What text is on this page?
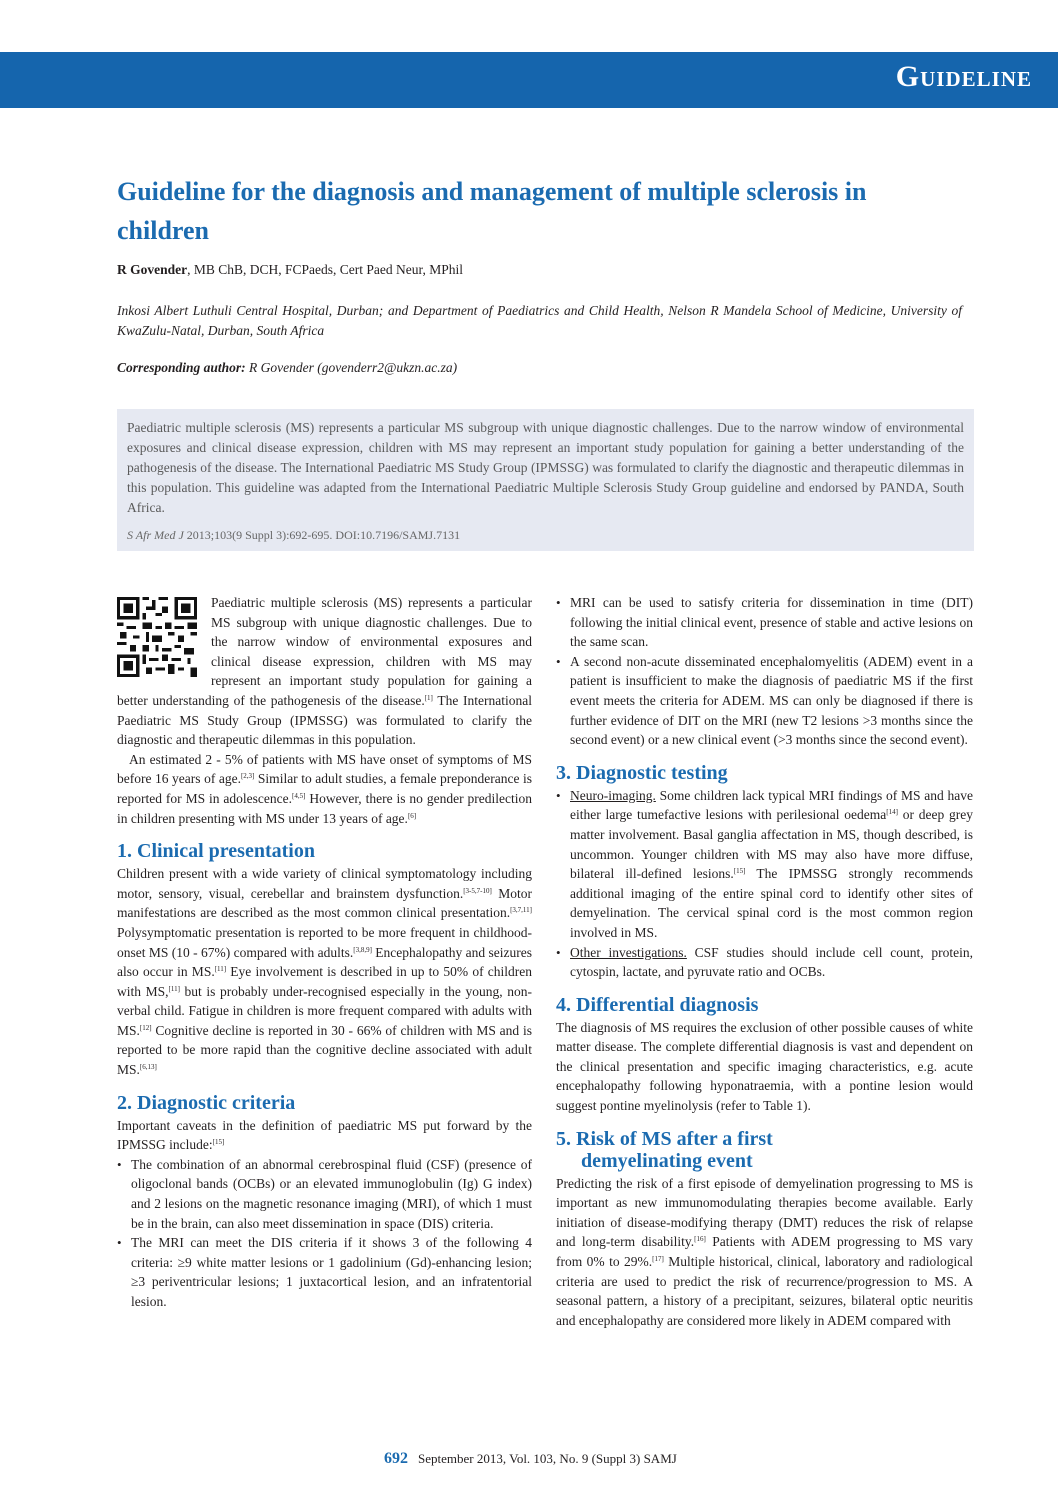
Guideline
Guideline for the diagnosis and management of multiple sclerosis in children
R Govender, MB ChB, DCH, FCPaeds, Cert Paed Neur, MPhil
Inkosi Albert Luthuli Central Hospital, Durban; and Department of Paediatrics and Child Health, Nelson R Mandela School of Medicine, University of KwaZulu-Natal, Durban, South Africa
Corresponding author: R Govender (govenderr2@ukzn.ac.za)

Paediatric multiple sclerosis (MS) represents a particular MS subgroup with unique diagnostic challenges. Due to the narrow window of environmental exposures and clinical disease expression, children with MS may represent an important study population for gaining a better understanding of the pathogenesis of the disease. The International Paediatric MS Study Group (IPMSSG) was formulated to clarify the diagnostic and therapeutic dilemmas in this population. This guideline was adapted from the International Paediatric Multiple Sclerosis Study Group guideline and endorsed by PANDA, South Africa.

S Afr Med J 2013;103(9 Suppl 3):692-695. DOI:10.7196/SAMJ.7131

Paediatric multiple sclerosis (MS) represents a particular MS subgroup with unique diagnostic challenges. Due to the narrow window of environmental exposures and clinical disease expression, children with MS may represent an important study population for gaining a better understanding of the pathogenesis of the disease.[1] The International Paediatric MS Study Group (IPMSSG) was formulated to clarify the diagnostic and therapeutic dilemmas in this population.

An estimated 2 - 5% of patients with MS have onset of symptoms of MS before 16 years of age.[2,3] Similar to adult studies, a female preponderance is reported for MS in adolescence.[4,5] However, there is no gender predilection in children presenting with MS under 13 years of age.[6]

1. Clinical presentation

Children present with a wide variety of clinical symptomatology including motor, sensory, visual, cerebellar and brainstem dysfunction.[3-5,7-10] Motor manifestations are described as the most common clinical presentation.[3,7,11] Polysymptomatic presentation is reported to be more frequent in childhood-onset MS (10 - 67%) compared with adults.[3,8,9] Encephalopathy and seizures also occur in MS.[11] Eye involvement is described in up to 50% of children with MS,[11] but is probably under-recognised especially in the young, non-verbal child. Fatigue in children is more frequent compared with adults with MS.[12] Cognitive decline is reported in 30 - 66% of children with MS and is reported to be more rapid than the cognitive decline associated with adult MS.[6,13]

2. Diagnostic criteria

Important caveats in the definition of paediatric MS put forward by the IPMSSG include:[15]

• The combination of an abnormal cerebrospinal fluid (CSF) (presence of oligoclonal bands (OCBs) or an elevated immunoglobulin (Ig) G index) and 2 lesions on the magnetic resonance imaging (MRI), of which 1 must be in the brain, can also meet dissemination in space (DIS) criteria.
• The MRI can meet the DIS criteria if it shows 3 of the following 4 criteria: ≥9 white matter lesions or 1 gadolinium (Gd)-enhancing lesion; ≥3 periventricular lesions; 1 juxtacortical lesion, and an infratentorial lesion.
• MRI can be used to satisfy criteria for dissemination in time (DIT) following the initial clinical event, presence of stable and active lesions on the same scan.
• A second non-acute disseminated encephalomyelitis (ADEM) event in a patient is insufficient to make the diagnosis of paediatric MS if the first event meets the criteria for ADEM. MS can only be diagnosed if there is further evidence of DIT on the MRI (new T2 lesions >3 months since the second event) or a new clinical event (>3 months since the second event).
3. Diagnostic testing
• Neuro-imaging. Some children lack typical MRI findings of MS and have either large tumefactive lesions with perilesional oedema[14] or deep grey matter involvement. Basal ganglia affectation in MS, though described, is uncommon. Younger children with MS may also have more diffuse, bilateral ill-defined lesions.[15] The IPMSSG strongly recommends additional imaging of the entire spinal cord to identify other sites of demyelination. The cervical spinal cord is the most common region involved in MS.
• Other investigations. CSF studies should include cell count, protein, cytospin, lactate, and pyruvate ratio and OCBs.
4. Differential diagnosis

The diagnosis of MS requires the exclusion of other possible causes of white matter disease. The complete differential diagnosis is vast and dependent on the clinical presentation and specific imaging characteristics, e.g. acute encephalopathy following hyponatraemia, with a pontine lesion would suggest pontine myelinolysis (refer to Table 1).

5. Risk of MS after a first
demyelinating event

Predicting the risk of a first episode of demyelination progressing to MS is important as new immunomodulating therapies become available. Early initiation of disease-modifying therapy (DMT) reduces the risk of relapse and long-term disability.[16] Patients with ADEM progressing to MS vary from 0% to 29%.[17] Multiple historical, clinical, laboratory and radiological criteria are used to predict the risk of recurrence/progression to MS. A seasonal pattern, a history of a precipitant, seizures, bilateral optic neuritis and encephalopathy are considered more likely in ADEM compared with

692 September 2013, Vol. 103, No. 9 (Suppl 3) SAMJ
